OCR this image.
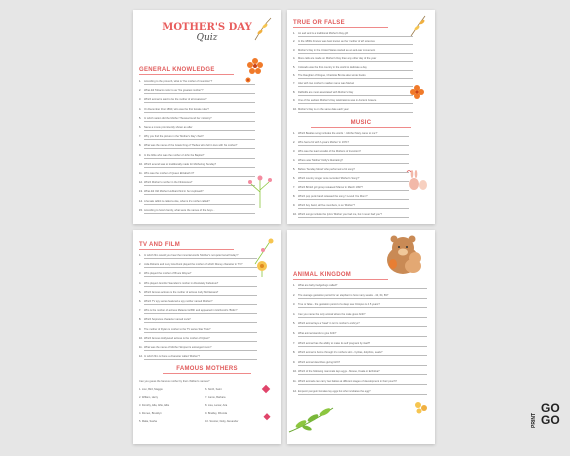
MOTHER'S DAY
Quiz
GENERAL KNOWLEDGE
1. According to the proverb, what is "the mother of invention"?
2. What did Tobacco refer to as "the greatest mother"?
3. Which animal is said to be the mother of all creatures?
4. On December 31st 1890, who was the first female ruler?
5. In which nation did the Mother Theresa found her ministry?
6. Name a movie prominently shown as after
7. Why you find the picture in the 'Mother's Day' chart?
8. What was the name of the Greek King of Thebes who fell in love with his mother?
9. In the bible who was the mother of John the Baptist?
10.Which amend was to traditionally made for Mothering Sunday?
11. Who was the mother of Queen Elizabeth II?
12.Which Mother's mother in the Flintstones?
13.What did Old Mother Hubbard find in her cupboard?
14.A female rabbit is called a doe, what is it's mother called?
15.According to how's family, what were the names of the boys...
TRUE OR FALSE
1. An earl and is a traditional Mother's Day gift
2. In the 1800s France was best known as the 'mother of all' sciences
3. Mother's Day in the United States started as an anti-war movement
4. More calls are made on Mother's Day than any other day of the year
5. Colorado was the first country in the world to dedicate a day
6. The Daughter of Rogue, Charlotte Bronte also wrote books
7. Also with two mother's maiden name was Marvel
8. Daffodils are most associated with Mother's Day
9. One of the earliest Mother's Day celebrations was in Ancient Greece
10.Mother's Day is on the same date each year
MUSIC
1. Which Beatles song includes the words '...Mother Mary came to me'?
2. Who had a hit with 'Lyssa's Mother' in 1971?
3. Who was the lead vocalist of the Mothers of Invention?
4. Where was 'Mother' Dolly's illustrating?
5. Before 'Sunday Mood' who performed a hit song?
6. Which country singer once recorded 'Mother's Song'?
7. Which British girl group released 'Mama' in March 1997?
8. Which pop punk band released the song 'I Loved You Mom'?
9. Which boy band, all five members, is so 'Mother'?
10.Which songs include the lyrics 'Mother you had me, but I never had you'?
TV AND FILM
1. In which film would you hear the immortal words 'Mother's not quite herself today'?
2. Julia Roberts and Lucy Ana Dunk played the mother of which Disney character in TV?
3. Who played the mother of Bruce Wayne?
4. Who played Jennifer Saunders's mother in Absolutely Fabulous?
5. Which famous actress is the mother of actress Jody McNamara?
6. Which TV spy series featured a spy mother named Mother?
7. Who is the mother of actress Melanie Griffith and appeared in Hitchcock's 'Birds'?
8. Which Sopranos character named Livia?
9. The mother of Dylan is mother to the TV series Star Trek?
10.Which famous Hollywood actress is the mother of Dylan?
11. What was the name of Mother Simpson's estranged mom?
12.In which film is there a character called 'Mother'?
FAMOUS MOTHERS
Can you guess the famous mother by their children's names?
1. Lion, Bird, Maggie	6. North, Saint
2. William, Harry	7. Jamie, Barbara
3. Dorothy, Ella, Alfie, Ellie	8. Lisa, Lamar, Aria
4. Romeo, Brooklyn	9. Bradley, Rhonda
5. Malia, Sasha	10. Scooter, Detty, Alexander
ANIMAL KINGDOM
1. What are baby hedgehogs called?
2. The average gestation period for an elephant is how many weeks - 42, 64, 89?
3. True or false - the gestation period of a deep sea Octopus is 4.5 years?
4. Can you name the only animal where the male gives birth?
5. Which animal lays a 'head' in turn's mother's embryo?
6. What animal stands to give birth?
7. Which animal has the ability to make its self pregnant by itself?
8. Which animal is borne through it's mothers skin - hydras, dolphins, seals?
9. Which animal describes giving birth?
10.Which of the following mammals lays eggs - Mouse, Koala or Echidna?
11. Which animals can carry two babies at different stages of development in their pouch?
12.Emperor penguin females lay eggs but who incubates the egg?
PRINT
GO
GO
